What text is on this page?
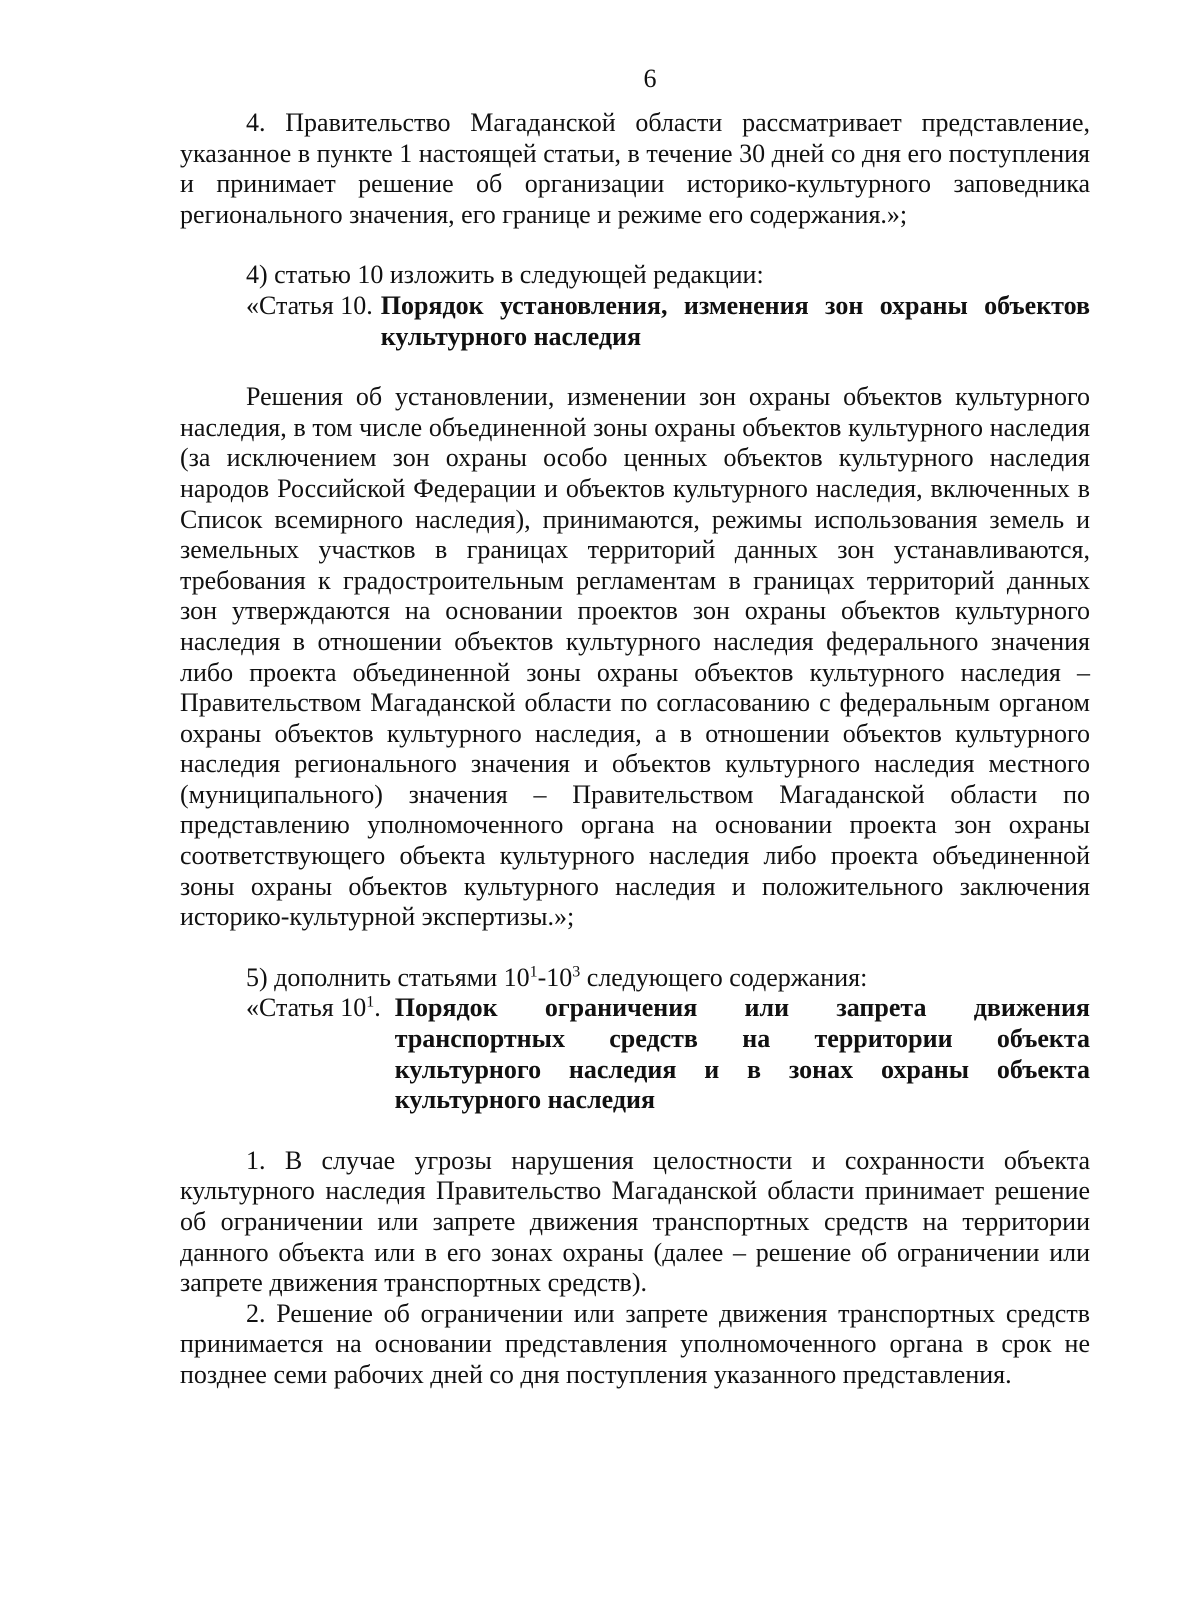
6

4. Правительство Магаданской области рассматривает представление, указанное в пункте 1 настоящей статьи, в течение 30 дней со дня его поступления и принимает решение об организации историко-культурного заповедника регионального значения, его границе и режиме его содержания.»;

4) статью 10 изложить в следующей редакции:

«Статья 10. Порядок установления, изменения зон охраны объектов культурного наследия

Решения об установлении, изменении зон охраны объектов культурного наследия, в том числе объединенной зоны охраны объектов культурного наследия (за исключением зон охраны особо ценных объектов культурного наследия народов Российской Федерации и объектов культурного наследия, включенных в Список всемирного наследия), принимаются, режимы использования земель и земельных участков в границах территорий данных зон устанавливаются, требования к градостроительным регламентам в границах территорий данных зон утверждаются на основании проектов зон охраны объектов культурного наследия в отношении объектов культурного наследия федерального значения либо проекта объединенной зоны охраны объектов культурного наследия – Правительством Магаданской области по согласованию с федеральным органом охраны объектов культурного наследия, а в отношении объектов культурного наследия регионального значения и объектов культурного наследия местного (муниципального) значения – Правительством Магаданской области по представлению уполномоченного органа на основании проекта зон охраны соответствующего объекта культурного наследия либо проекта объединенной зоны охраны объектов культурного наследия и положительного заключения историко-культурной экспертизы.»;

5) дополнить статьями $10^1-10^3$ следующего содержания:

«Статья $10^1$. Порядок ограничения или запрета движения транспортных средств на территории объекта культурного наследия и в зонах охраны объекта культурного наследия

1. В случае угрозы нарушения целостности и сохранности объекта культурного наследия Правительство Магаданской области принимает решение об ограничении или запрете движения транспортных средств на территории данного объекта или в его зонах охраны (далее – решение об ограничении или запрете движения транспортных средств).

2. Решение об ограничении или запрете движения транспортных средств принимается на основании представления уполномоченного органа в срок не позднее семи рабочих дней со дня поступления указанного представления.
